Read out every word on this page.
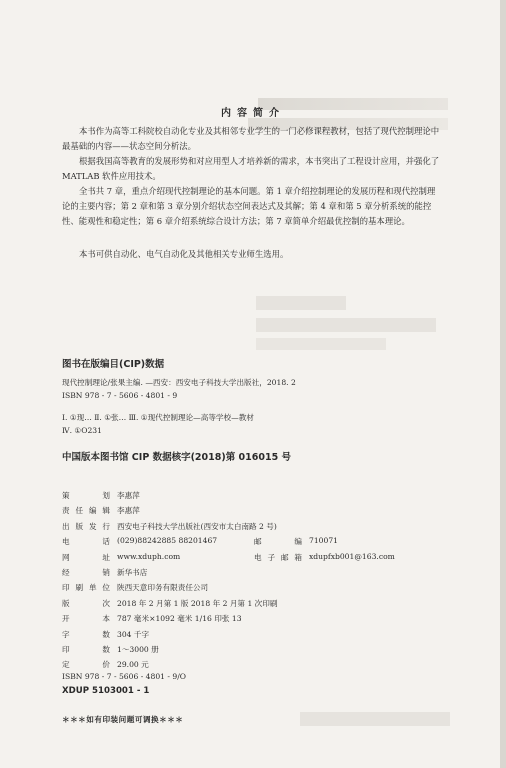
内容简介
本书作为高等工科院校自动化专业及其相邻专业学生的一门必修课程教材，包括了现代控制理论中最基础的内容——状态空间分析法。
根据我国高等教育的发展形势和对应用型人才培养新的需求，本书突出了工程设计应用，并强化了 MATLAB 软件应用技术。
全书共 7 章，重点介绍现代控制理论的基本问题。第 1 章介绍控制理论的发展历程和现代控制理论的主要内容；第 2 章和第 3 章分别介绍状态空间表达式及其解；第 4 章和第 5 章分析系统的能控性、能观性和稳定性；第 6 章介绍系统综合设计方法；第 7 章简单介绍最优控制的基本理论。
本书可供自动化、电气自动化及其他相关专业师生选用。
图书在版编目(CIP)数据
现代控制理论/张果主编. —西安：西安电子科技大学出版社，2018. 2
ISBN 978 - 7 - 5606 - 4801 - 9
Ⅰ. ①现… Ⅱ. ①张… Ⅲ. ①现代控制理论—高等学校—教材
Ⅳ. ①O231
中国版本图书馆 CIP 数据核字(2018)第 016015 号
策	划 李惠萍
责 任 编 辑 李惠萍
出 版 发 行 西安电子科技大学出版社(西安市太白南路 2 号)
电	话 (029)88242885 88201467	邮	编 710071
网	址 www.xduph.com	电 子 邮 箱 xdupfxb001@163.com
经	销 新华书店
印 刷 单 位 陕西天意印务有限责任公司
版	次 2018 年 2 月第 1 版 2018 年 2 月第 1 次印刷
开	本 787 毫米×1092 毫米 1/16 印张 13
字	数 304 千字
印	数 1～3000 册
定	价 29.00 元
ISBN 978 - 7 - 5606 - 4801 - 9/O
XDUP 5103001 - 1
＊＊＊如有印装问题可调换＊＊＊
